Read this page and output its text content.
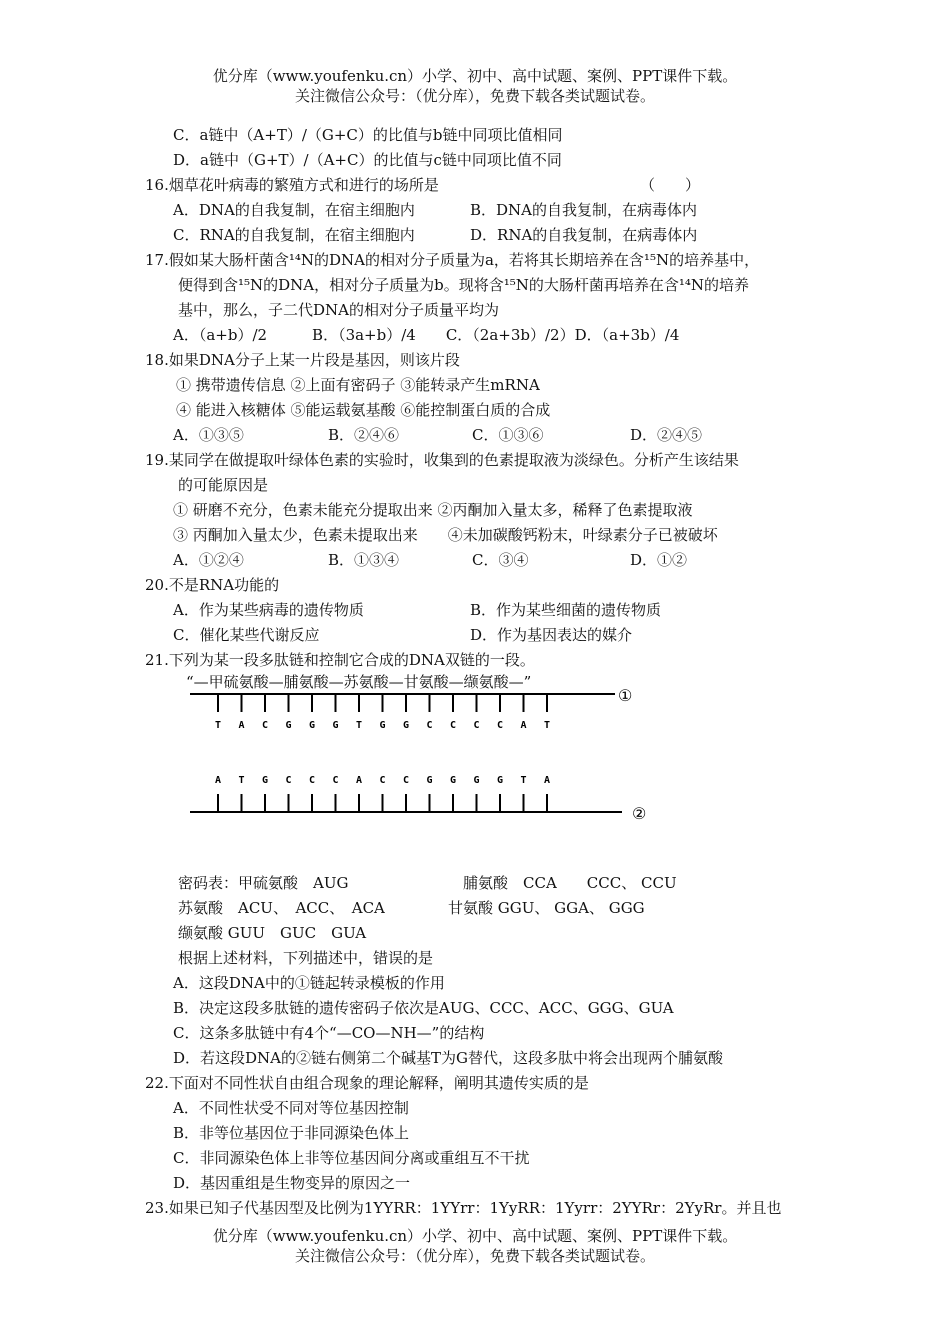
优分库（www.youfenku.cn）小学、初中、高中试题、案例、PPT课件下载。
关注微信公众号：（优分库），免费下载各类试题试卷。
C．a链中（A+T）/（G+C）的比值与b链中同项比值相同
D．a链中（G+T）/（A+C）的比值与c链中同项比值不同
16.烟草花叶病毒的繁殖方式和进行的场所是	（　　）
A．DNA的自我复制，在宿主细胞内	B．DNA的自我复制，在病毒体内
C．RNA的自我复制，在宿主细胞内	D．RNA的自我复制，在病毒体内
17.假如某大肠杆菌含¹⁴N的DNA的相对分子质量为a，若将其长期培养在含¹⁵N的培养基中，
便得到含¹⁵N的DNA，相对分子质量为b。现将含¹⁵N的大肠杆菌再培养在含¹⁴N的培养
基中，那么，子二代DNA的相对分子质量平均为
A．（a+b）/2　　　B．（3a+b）/4　　C．（2a+3b）/2）D．（a+3b）/4
18.如果DNA分子上某一片段是基因，则该片段
① 携带遗传信息 ②上面有密码子 ③能转录产生mRNA
④ 能进入核糖体 ⑤能运载氨基酸 ⑥能控制蛋白质的合成
A．①③⑤	B．②④⑥	C．①③⑥	D．②④⑤
19.某同学在做提取叶绿体色素的实验时，收集到的色素提取液为淡绿色。分析产生该结果
的可能原因是
① 研磨不充分，色素未能充分提取出来 ②丙酮加入量太多，稀释了色素提取液
③ 丙酮加入量太少，色素未提取出来　　④未加碳酸钙粉末，叶绿素分子已被破坏
A．①②④	B．①③④	C．③④	D．①②
20.不是RNA功能的
A．作为某些病毒的遗传物质	B．作为某些细菌的遗传物质
C．催化某些代谢反应	D．作为基因表达的媒介
21.下列为某一段多肽链和控制它合成的DNA双链的一段。
“—甲硫氨酸—脯氨酸—苏氨酸—甘氨酸—缬氨酸—”
①
②
T A C G G G T G G C C C C A T
A T G C C C A C C G G G G T A
密码表：甲硫氨酸　AUG	脯氨酸　CCA　　CCC、 CCU
苏氨酸　ACU、　ACC、　ACA	甘氨酸 GGU、 GGA、 GGG
缬氨酸 GUU　GUC　GUA
根据上述材料，下列描述中，错误的是
A．这段DNA中的①链起转录模板的作用
B．决定这段多肽链的遗传密码子依次是AUG、CCC、ACC、GGG、GUA
C．这条多肽链中有4个“—CO—NH—”的结构
D．若这段DNA的②链右侧第二个碱基T为G替代，这段多肽中将会出现两个脯氨酸
22.下面对不同性状自由组合现象的理论解释，阐明其遗传实质的是
A．不同性状受不同对等位基因控制
B．非等位基因位于非同源染色体上
C．非同源染色体上非等位基因间分离或重组互不干扰
D．基因重组是生物变异的原因之一
23.如果已知子代基因型及比例为1YYRR：1YYrr：1YyRR：1Yyrr：2YYRr：2YyRr。并且也
优分库（www.youfenku.cn）小学、初中、高中试题、案例、PPT课件下载。
关注微信公众号：（优分库），免费下载各类试题试卷。
